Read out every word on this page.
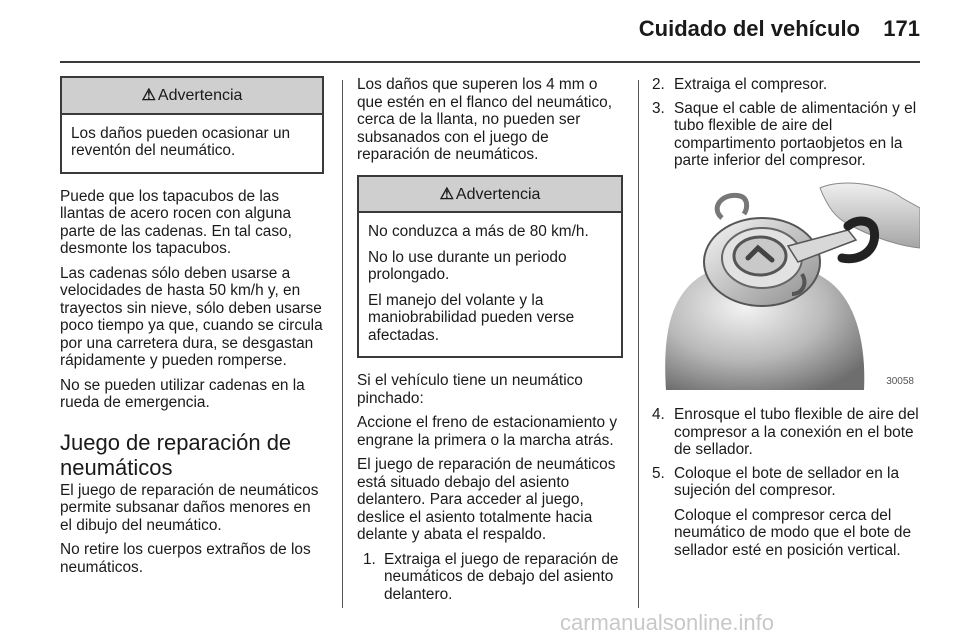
Cuidado del vehículo 171
⚠ Advertencia

Los daños pueden ocasionar un reventón del neumático.

Puede que los tapacubos de las llantas de acero rocen con alguna parte de las cadenas. En tal caso, desmonte los tapacubos.

Las cadenas sólo deben usarse a velocidades de hasta 50 km/h y, en trayectos sin nieve, sólo deben usarse poco tiempo ya que, cuando se circula por una carretera dura, se desgastan rápidamente y pueden romperse.

No se pueden utilizar cadenas en la rueda de emergencia.

Juego de reparación de neumáticos

El juego de reparación de neumáticos permite subsanar daños menores en el dibujo del neumático.

No retire los cuerpos extraños de los neumáticos.

Los daños que superen los 4 mm o que estén en el flanco del neumático, cerca de la llanta, no pueden ser subsanados con el juego de reparación de neumáticos.

⚠ Advertencia

No conduzca a más de 80 km/h.

No lo use durante un periodo prolongado.

El manejo del volante y la maniobrabilidad pueden verse afectadas.

Si el vehículo tiene un neumático pinchado:

Accione el freno de estacionamiento y engrane la primera o la marcha atrás.

El juego de reparación de neumáticos está situado debajo del asiento delantero. Para acceder al juego, deslice el asiento totalmente hacia delante y abata el respaldo.

1. Extraiga el juego de reparación de neumáticos de debajo del asiento delantero.
2. Extraiga el compresor.
3. Saque el cable de alimentación y el tubo flexible de aire del compartimento portaobjetos en la parte inferior del compresor.
30058
4. Enrosque el tubo flexible de aire del compresor a la conexión en el bote de sellador.
5. Coloque el bote de sellador en la sujeción del compresor.
Coloque el compresor cerca del neumático de modo que el bote de sellador esté en posición vertical.
carmanualsonline.info
